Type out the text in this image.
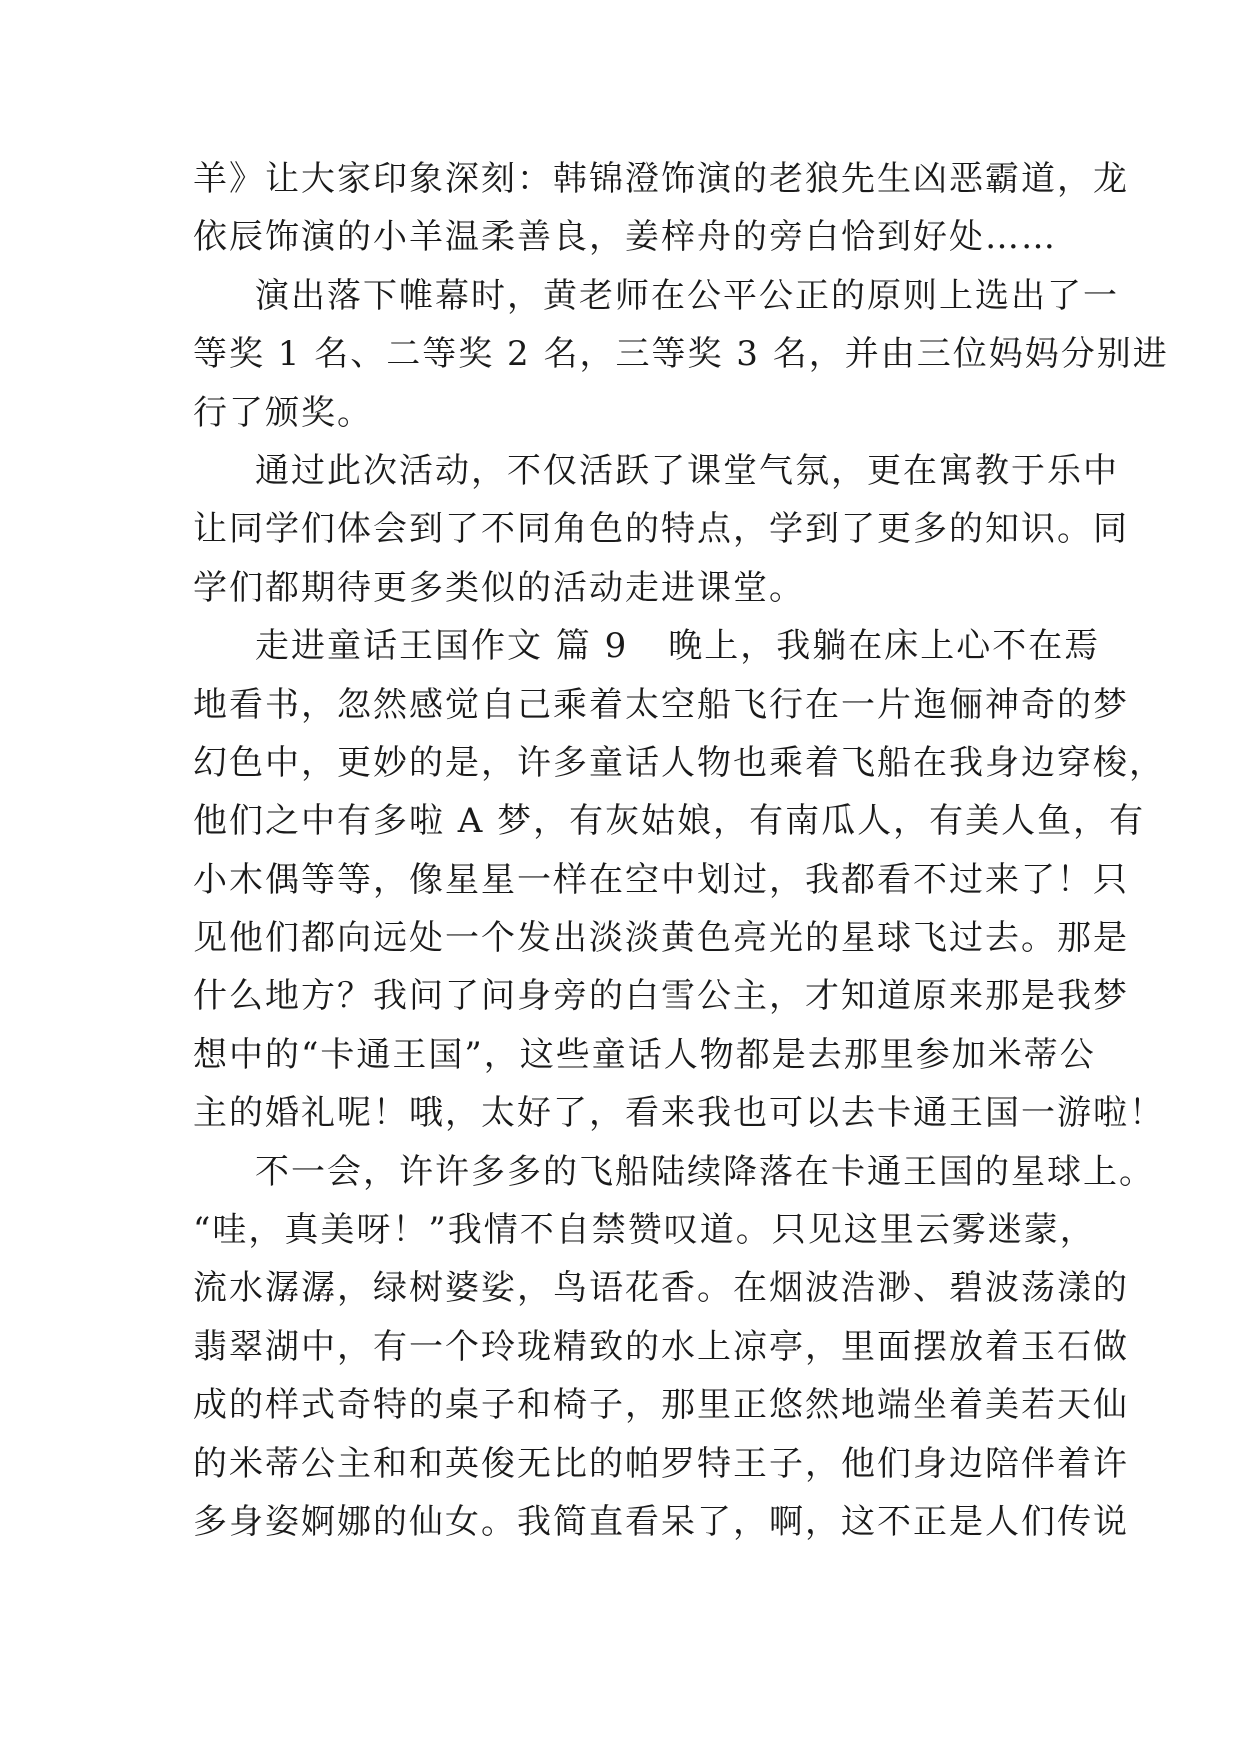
羊》让大家印象深刻：韩锦澄饰演的老狼先生凶恶霸道，龙
依辰饰演的小羊温柔善良，姜梓舟的旁白恰到好处……
演出落下帷幕时，黄老师在公平公正的原则上选出了一
等奖 1 名、二等奖 2 名，三等奖 3 名，并由三位妈妈分别进
行了颁奖。
通过此次活动，不仅活跃了课堂气氛，更在寓教于乐中
让同学们体会到了不同角色的特点，学到了更多的知识。同
学们都期待更多类似的活动走进课堂。
走进童话王国作文 篇 9 晚上，我躺在床上心不在焉
地看书，忽然感觉自己乘着太空船飞行在一片迤俪神奇的梦
幻色中，更妙的是，许多童话人物也乘着飞船在我身边穿梭，
他们之中有多啦 A 梦，有灰姑娘，有南瓜人，有美人鱼，有
小木偶等等，像星星一样在空中划过，我都看不过来了！只
见他们都向远处一个发出淡淡黄色亮光的星球飞过去。那是
什么地方？我问了问身旁的白雪公主，才知道原来那是我梦
想中的“卡通王国”，这些童话人物都是去那里参加米蒂公
主的婚礼呢！哦，太好了，看来我也可以去卡通王国一游啦！
不一会，许许多多的飞船陆续降落在卡通王国的星球上。
“哇，真美呀！”我情不自禁赞叹道。只见这里云雾迷蒙，
流水潺潺，绿树婆娑，鸟语花香。在烟波浩渺、碧波荡漾的
翡翠湖中，有一个玲珑精致的水上凉亭，里面摆放着玉石做
成的样式奇特的桌子和椅子，那里正悠然地端坐着美若天仙
的米蒂公主和和英俊无比的帕罗特王子，他们身边陪伴着许
多身姿婀娜的仙女。我简直看呆了，啊，这不正是人们传说
